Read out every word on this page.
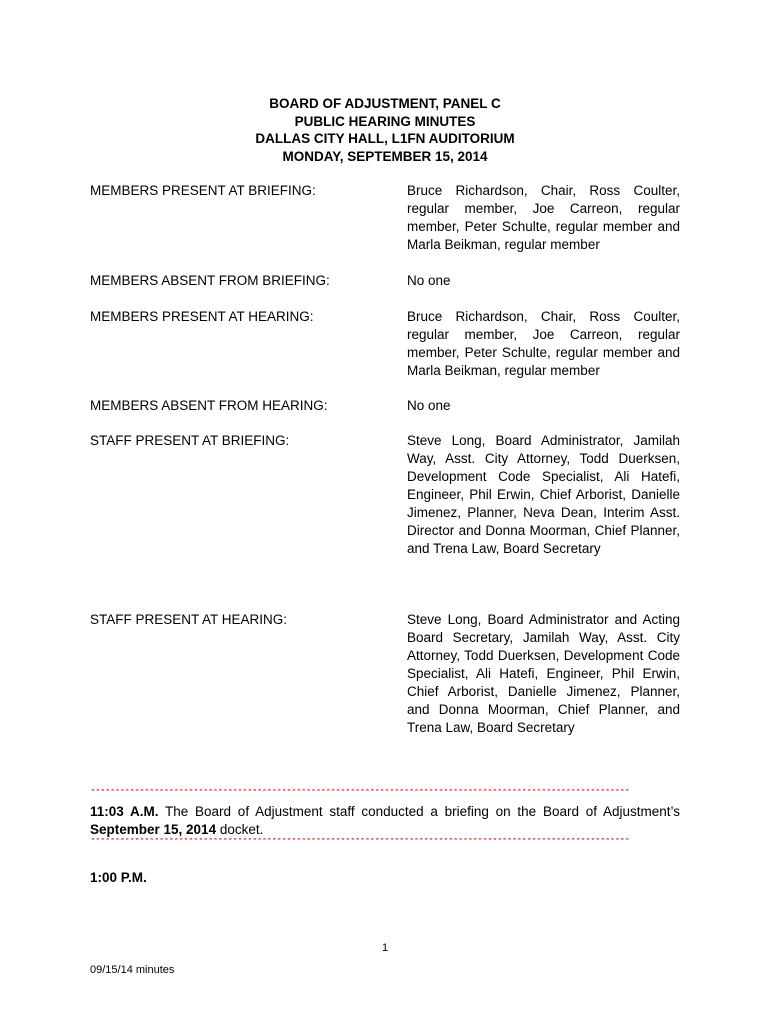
BOARD OF ADJUSTMENT, PANEL C
PUBLIC HEARING MINUTES
DALLAS CITY HALL, L1FN AUDITORIUM
MONDAY, SEPTEMBER 15, 2014
MEMBERS PRESENT AT BRIEFING:	Bruce Richardson, Chair, Ross Coulter, regular member, Joe Carreon, regular member, Peter Schulte, regular member and Marla Beikman, regular member
MEMBERS ABSENT FROM BRIEFING:	No one
MEMBERS PRESENT AT HEARING:	Bruce Richardson, Chair, Ross Coulter, regular member, Joe Carreon, regular member, Peter Schulte, regular member and Marla Beikman, regular member
MEMBERS ABSENT FROM HEARING:	No one
STAFF PRESENT AT BRIEFING:	Steve Long, Board Administrator, Jamilah Way, Asst. City Attorney, Todd Duerksen, Development Code Specialist, Ali Hatefi, Engineer, Phil Erwin, Chief Arborist, Danielle Jimenez, Planner, Neva Dean, Interim Asst. Director and Donna Moorman, Chief Planner, and Trena Law, Board Secretary
STAFF PRESENT AT HEARING:	Steve Long, Board Administrator and Acting Board Secretary, Jamilah Way, Asst. City Attorney, Todd Duerksen, Development Code Specialist, Ali Hatefi, Engineer, Phil Erwin, Chief Arborist, Danielle Jimenez, Planner, and Donna Moorman, Chief Planner, and Trena Law, Board Secretary
**************************************************************************************************************
11:03 A.M. The Board of Adjustment staff conducted a briefing on the Board of Adjustment’s September 15, 2014 docket.
**************************************************************************************************************
1:00 P.M.
1
09/15/14 minutes
